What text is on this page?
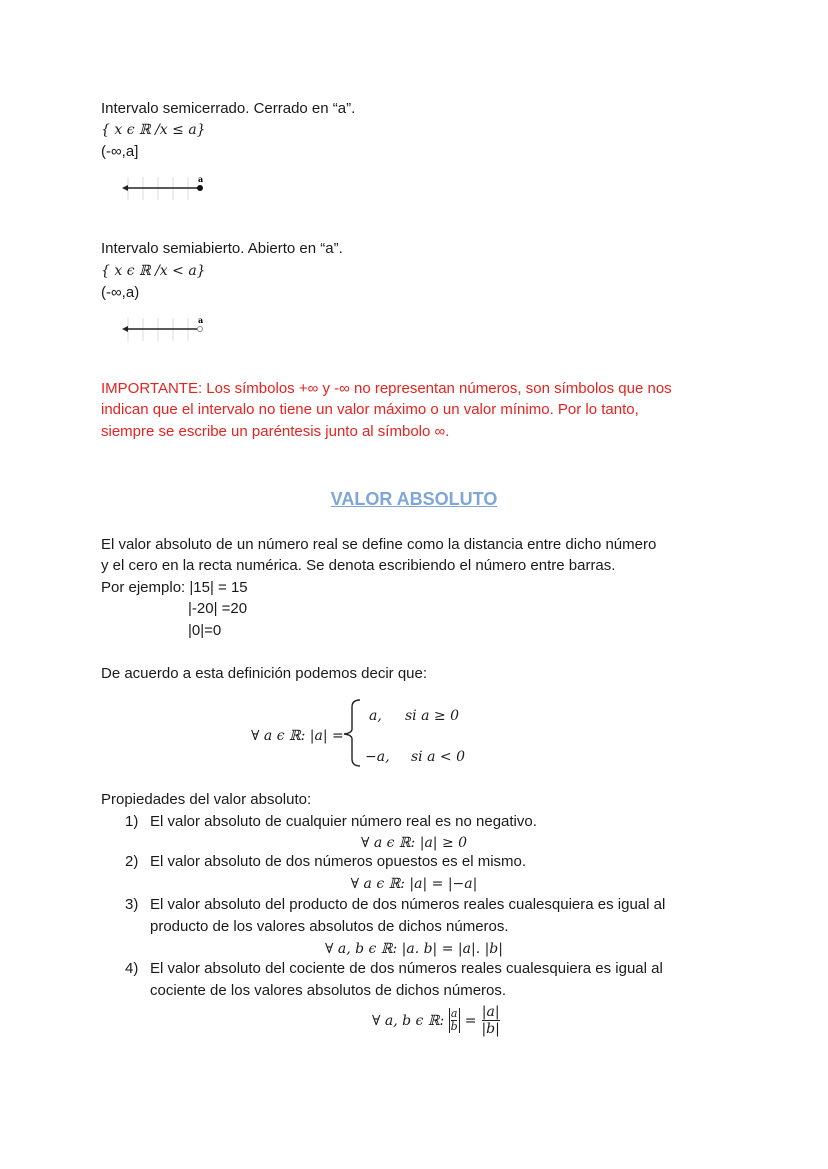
Intervalo semicerrado. Cerrado en “a”.
{ x ϵ ℝ /x ≤ a}
(-∞,a]
a
Intervalo semiabierto. Abierto en “a”.
{ x ϵ ℝ /x < a}
(-∞,a)
a
IMPORTANTE: Los símbolos +∞ y -∞ no representan números, son símbolos que nos
indican que el intervalo no tiene un valor máximo o un valor mínimo. Por lo tanto,
siempre se escribe un paréntesis junto al símbolo ∞.
VALOR ABSOLUTO
El valor absoluto de un número real se define como la distancia entre dicho número
y el cero en la recta numérica. Se denota escribiendo el número entre barras.
Por ejemplo: |15| = 15
|-20| =20
|0|=0
De acuerdo a esta definición podemos decir que:
∀ a ϵ ℝ: |a| =
a, si a ≥ 0
−a, si a < 0
Propiedades del valor absoluto:
1) El valor absoluto de cualquier número real es no negativo.
∀ a ϵ ℝ: |a| ≥ 0
2) El valor absoluto de dos números opuestos es el mismo.
∀ a ϵ ℝ: |a| = |−a|
3) El valor absoluto del producto de dos números reales cualesquiera es igual al
producto de los valores absolutos de dichos números.
∀ a, b ϵ ℝ: |a. b| = |a|. |b|
4) El valor absoluto del cociente de dos números reales cualesquiera es igual al
cociente de los valores absolutos de dichos números.
∀ a, b ϵ ℝ: $\frac{a}{b} = \frac{|a|}{|b|}$
